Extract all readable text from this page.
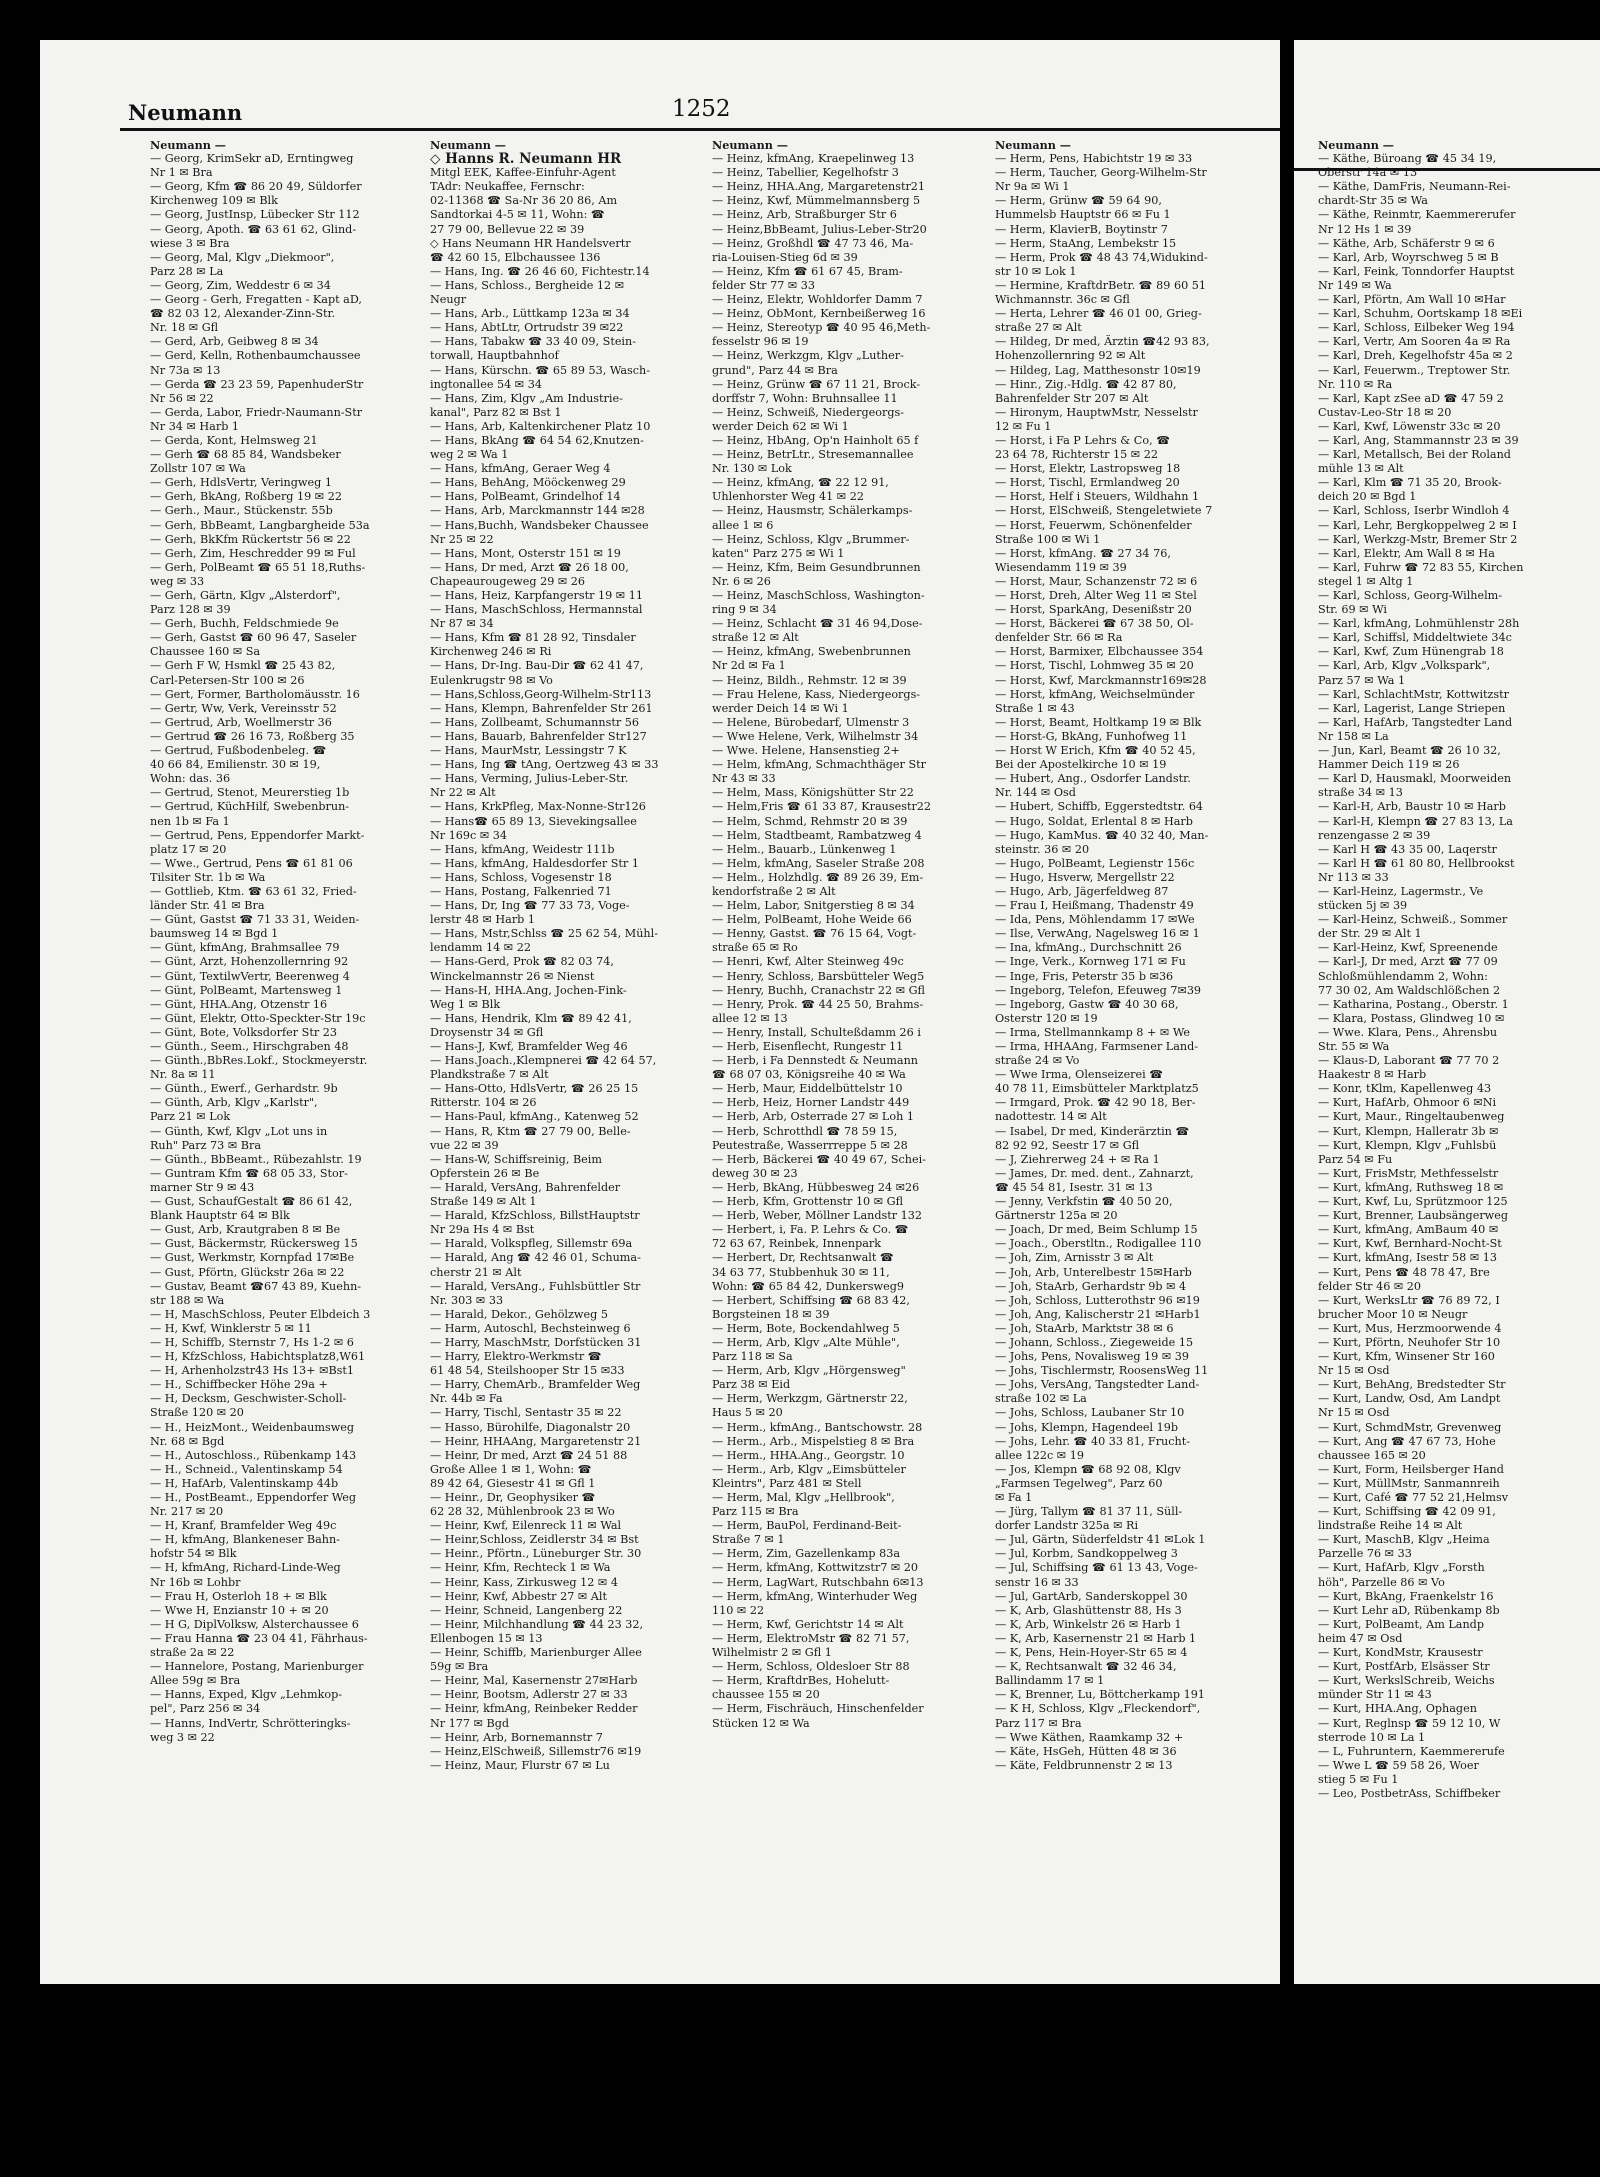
Neumann —
— Käthe, Büroang ☎ 45 34 19,
Oberstr 14a ✉ 13
— Käthe, DamFris, Neumann-Rei-
chardt-Str 35 ✉ Wa
— Käthe, Reinmtr, Kaemmererufer
Nr 12 Hs 1 ✉ 39
— Käthe, Arb, Schäferstr 9 ✉ 6
— Karl, Arb, Woyrschweg 5 ✉ B
— Karl, Feink, Tonndorfer Hauptst
Nr 149 ✉ Wa
— Karl, Pförtn, Am Wall 10 ✉Har
— Karl, Schuhm, Oortskamp 18 ✉Ei
— Karl, Schloss, Eilbeker Weg 194
— Karl, Vertr, Am Sooren 4a ✉ Ra
— Karl, Dreh, Kegelhofstr 45a ✉ 2
— Karl, Feuerwm., Treptower Str.
Nr. 110 ✉ Ra
— Karl, Kapt zSee aD ☎ 47 59 2
Custav-Leo-Str 18 ✉ 20
— Karl, Kwf, Löwenstr 33c ✉ 20
— Karl, Ang, Stammannstr 23 ✉ 39
— Karl, Metallsch, Bei der Roland
mühle 13 ✉ Alt
— Karl, Klm ☎ 71 35 20, Brook-
deich 20 ✉ Bgd 1
— Karl, Schloss, Iserbr Windloh 4
— Karl, Lehr, Bergkoppelweg 2 ✉ I
— Karl, Werkzg-Mstr, Bremer Str 2
— Karl, Elektr, Am Wall 8 ✉ Ha
— Karl, Fuhrw ☎ 72 83 55, Kirchen
stegel 1 ✉ Altg 1
— Karl, Schloss, Georg-Wilhelm-
Str. 69 ✉ Wi
— Karl, kfmAng, Lohmühlenstr 28h
— Karl, Schiffsl, Middeltwiete 34c
— Karl, Kwf, Zum Hünengrab 18
— Karl, Arb, Klgv „Volkspark",
Parz 57 ✉ Wa 1
— Karl, SchlachtMstr, Kottwitzstr
— Karl, Lagerist, Lange Striepen
— Karl, HafArb, Tangstedter Land
Nr 158 ✉ La
— Jun, Karl, Beamt ☎ 26 10 32,
Hammer Deich 119 ✉ 26
— Karl D, Hausmakl, Moorweiden
straße 34 ✉ 13
— Karl-H, Arb, Baustr 10 ✉ Harb
— Karl-H, Klempn ☎ 27 83 13, La
renzengasse 2 ✉ 39
— Karl H ☎ 43 35 00, Laqerstr
— Karl H ☎ 61 80 80, Hellbrookst
Nr 113 ✉ 33
— Karl-Heinz, Lagermstr., Ve
stücken 5j ✉ 39
— Karl-Heinz, Schweiß., Sommer
der Str. 29 ✉ Alt 1
— Karl-Heinz, Kwf, Spreenende
— Karl-J, Dr med, Arzt ☎ 77 09
Schloßmühlendamm 2, Wohn:
77 30 02, Am Waldschlößchen 2
— Katharina, Postang., Oberstr. 1
— Klara, Postass, Glindweg 10 ✉
— Wwe. Klara, Pens., Ahrensbu
Str. 55 ✉ Wa
— Klaus-D, Laborant ☎ 77 70 2
Haakestr 8 ✉ Harb
— Konr, tKlm, Kapellenweg 43
— Kurt, HafArb, Ohmoor 6 ✉Ni
— Kurt, Maur., Ringeltaubenweg
— Kurt, Klempn, Halleratr 3b ✉
— Kurt, Klempn, Klgv „Fuhlsbü
Parz 54 ✉ Fu
— Kurt, FrisMstr, Methfesselstr
— Kurt, kfmAng, Ruthsweg 18 ✉
— Kurt, Kwf, Lu, Sprützmoor 125
— Kurt, Brenner, Laubsängerweg
— Kurt, kfmAng, AmBaum 40 ✉
— Kurt, Kwf, Bernhard-Nocht-St
— Kurt, kfmAng, Isestr 58 ✉ 13
— Kurt, Pens ☎ 48 78 47, Bre
felder Str 46 ✉ 20
— Kurt, WerksLtr ☎ 76 89 72, I
brucher Moor 10 ✉ Neugr
— Kurt, Mus, Herzmoorwende 4
— Kurt, Pförtn, Neuhofer Str 10
— Kurt, Kfm, Winsener Str 160
Nr 15 ✉ Osd
— Kurt, BehAng, Bredstedter Str
— Kurt, Landw, Osd, Am Landpt
Nr 15 ✉ Osd
— Kurt, SchmdMstr, Grevenweg
— Kurt, Ang ☎ 47 67 73, Hohe
chaussee 165 ✉ 20
— Kurt, Form, Heilsberger Hand
— Kurt, MüllMstr, Sanmannreih
— Kurt, Café ☎ 77 52 21,Helmsv
— Kurt, Schiffsing ☎ 42 09 91,
lindstraße Reihe 14 ✉ Alt
— Kurt, MaschB, Klgv „Heima
Parzelle 76 ✉ 33
— Kurt, HafArb, Klgv „Forsth
höh", Parzelle 86 ✉ Vo
— Kurt, BkAng, Fraenkelstr 16
— Kurt Lehr aD, Rübenkamp 8b
— Kurt, PolBeamt, Am Landp
heim 47 ✉ Osd
— Kurt, KondMstr, Krausestr
— Kurt, PostfArb, Elsässer Str
— Kurt, WerkslSchreib, Weichs
münder Str 11 ✉ 43
— Kurt, HHA.Ang, Ophagen
— Kurt, Reglnsp ☎ 59 12 10, W
sterrode 10 ✉ La 1
— L, Fuhruntern, Kaemmererufe
— Wwe L ☎ 59 58 26, Woer
stieg 5 ✉ Fu 1
— Leo, PostbetrAss, Schiffbeker
Neumann	1252
Neumann —
— Georg, KrimSekr aD, Erntingweg
Nr 1 ✉ Bra
— Georg, Kfm ☎ 86 20 49, Süldorfer
Kirchenweg 109 ✉ Blk
— Georg, JustInsp, Lübecker Str 112
— Georg, Apoth. ☎ 63 61 62, Glind-
wiese 3 ✉ Bra
— Georg, Mal, Klgv „Diekmoor",
Parz 28 ✉ La
— Georg, Zim, Weddestr 6 ✉ 34
— Georg - Gerh, Fregatten - Kapt aD,
☎ 82 03 12, Alexander-Zinn-Str.
Nr. 18 ✉ Gfl
— Gerd, Arb, Geibweg 8 ✉ 34
— Gerd, Kelln, Rothenbaumchaussee
Nr 73a ✉ 13
— Gerda ☎ 23 23 59, PapenhuderStr
Nr 56 ✉ 22
— Gerda, Labor, Friedr-Naumann-Str
Nr 34 ✉ Harb 1
— Gerda, Kont, Helmsweg 21
— Gerh ☎ 68 85 84, Wandsbeker
Zollstr 107 ✉ Wa
— Gerh, HdlsVertr, Veringweg 1
— Gerh, BkAng, Roßberg 19 ✉ 22
— Gerh., Maur., Stückenstr. 55b
— Gerh, BbBeamt, Langbargheide 53a
— Gerh, BkKfm Rückertstr 56 ✉ 22
— Gerh, Zim, Heschredder 99 ✉ Ful
— Gerh, PolBeamt ☎ 65 51 18,Ruths-
weg ✉ 33
— Gerh, Gärtn, Klgv „Alsterdorf",
Parz 128 ✉ 39
— Gerh, Buchh, Feldschmiede 9e
— Gerh, Gastst ☎ 60 96 47, Saseler
Chaussee 160 ✉ Sa
— Gerh F W, Hsmkl ☎ 25 43 82,
Carl-Petersen-Str 100 ✉ 26
— Gert, Former, Bartholomäusstr. 16
— Gertr, Ww, Verk, Vereinsstr 52
— Gertrud, Arb, Woellmerstr 36
— Gertrud ☎ 26 16 73, Roßberg 35
— Gertrud, Fußbodenbeleg. ☎
40 66 84, Emilienstr. 30 ✉ 19,
Wohn: das. 36
— Gertrud, Stenot, Meurerstieg 1b
— Gertrud, KüchHilf, Swebenbrun-
nen 1b ✉ Fa 1
— Gertrud, Pens, Eppendorfer Markt-
platz 17 ✉ 20
— Wwe., Gertrud, Pens ☎ 61 81 06
Tilsiter Str. 1b ✉ Wa
— Gottlieb, Ktm. ☎ 63 61 32, Fried-
länder Str. 41 ✉ Bra
— Günt, Gastst ☎ 71 33 31, Weiden-
baumsweg 14 ✉ Bgd 1
— Günt, kfmAng, Brahmsallee 79
— Günt, Arzt, Hohenzollernring 92
— Günt, TextilwVertr, Beerenweg 4
— Günt, PolBeamt, Martensweg 1
— Günt, HHA.Ang, Otzenstr 16
— Günt, Elektr, Otto-Speckter-Str 19c
— Günt, Bote, Volksdorfer Str 23
— Günth., Seem., Hirschgraben 48
— Günth.,BbRes.Lokf., Stockmeyerstr.
Nr. 8a ✉ 11
— Günth., Ewerf., Gerhardstr. 9b
— Günth, Arb, Klgv „Karlstr",
Parz 21 ✉ Lok
— Günth, Kwf, Klgv „Lot uns in
Ruh" Parz 73 ✉ Bra
— Günth., BbBeamt., Rübezahlstr. 19
— Guntram Kfm ☎ 68 05 33, Stor-
marner Str 9 ✉ 43
— Gust, SchaufGestalt ☎ 86 61 42,
Blank Hauptstr 64 ✉ Blk
— Gust, Arb, Krautgraben 8 ✉ Be
— Gust, Bäckermstr, Rückersweg 15
— Gust, Werkmstr, Kornpfad 17✉Be
— Gust, Pförtn, Glückstr 26a ✉ 22
— Gustav, Beamt ☎67 43 89, Kuehn-
str 188 ✉ Wa
— H, MaschSchloss, Peuter Elbdeich 3
— H, Kwf, Winklerstr 5 ✉ 11
— H, Schiffb, Sternstr 7, Hs 1-2 ✉ 6
— H, KfzSchloss, Habichtsplatz8,W61
— H, Arhenholzstr43 Hs 13+ ✉Bst1
— H., Schiffbecker Höhe 29a +
— H, Decksm, Geschwister-Scholl-
Straße 120 ✉ 20
— H., HeizMont., Weidenbaumsweg
Nr. 68 ✉ Bgd
— H., Autoschloss., Rübenkamp 143
— H., Schneid., Valentinskamp 54
— H, HafArb, Valentinskamp 44b
— H., PostBeamt., Eppendorfer Weg
Nr. 217 ✉ 20
— H, Kranf, Bramfelder Weg 49c
— H, kfmAng, Blankeneser Bahn-
hofstr 54 ✉ Blk
— H, kfmAng, Richard-Linde-Weg
Nr 16b ✉ Lohbr
— Frau H, Osterloh 18 + ✉ Blk
— Wwe H, Enzianstr 10 + ✉ 20
— H G, DiplVolksw, Alsterchaussee 6
— Frau Hanna ☎ 23 04 41, Fährhaus-
straße 2a ✉ 22
— Hannelore, Postang, Marienburger
Allee 59g ✉ Bra
— Hanns, Exped, Klgv „Lehmkop-
pel", Parz 256 ✉ 34
— Hanns, IndVertr, Schrötteringks-
weg 3 ✉ 22
Neumann —
◇ Hanns R. Neumann HR
Mitgl EEK, Kaffee-Einfuhr-Agent
TAdr: Neukaffee, Fernschr:
02-11368 ☎ Sa-Nr 36 20 86, Am
Sandtorkai 4-5 ✉ 11, Wohn: ☎
27 79 00, Bellevue 22 ✉ 39
◇ Hans Neumann HR Handelsvertr
☎ 42 60 15, Elbchaussee 136
— Hans, Ing. ☎ 26 46 60, Fichtestr.14
— Hans, Schloss., Bergheide 12 ✉
Neugr
— Hans, Arb., Lüttkamp 123a ✉ 34
— Hans, AbtLtr, Ortrudstr 39 ✉22
— Hans, Tabakw ☎ 33 40 09, Stein-
torwall, Hauptbahnhof
— Hans, Kürschn. ☎ 65 89 53, Wasch-
ingtonallee 54 ✉ 34
— Hans, Zim, Klgv „Am Industrie-
kanal", Parz 82 ✉ Bst 1
— Hans, Arb, Kaltenkirchener Platz 10
— Hans, BkAng ☎ 64 54 62,Knutzen-
weg 2 ✉ Wa 1
— Hans, kfmAng, Geraer Weg 4
— Hans, BehAng, Mööckenweg 29
— Hans, PolBeamt, Grindelhof 14
— Hans, Arb, Marckmannstr 144 ✉28
— Hans,Buchh, Wandsbeker Chaussee
Nr 25 ✉ 22
— Hans, Mont, Osterstr 151 ✉ 19
— Hans, Dr med, Arzt ☎ 26 18 00,
Chapeaurougeweg 29 ✉ 26
— Hans, Heiz, Karpfangerstr 19 ✉ 11
— Hans, MaschSchloss, Hermannstal
Nr 87 ✉ 34
— Hans, Kfm ☎ 81 28 92, Tinsdaler
Kirchenweg 246 ✉ Ri
— Hans, Dr-Ing. Bau-Dir ☎ 62 41 47,
Eulenkrugstr 98 ✉ Vo
— Hans,Schloss,Georg-Wilhelm-Str113
— Hans, Klempn, Bahrenfelder Str 261
— Hans, Zollbeamt, Schumannstr 56
— Hans, Bauarb, Bahrenfelder Str127
— Hans, MaurMstr, Lessingstr 7 K
— Hans, Ing ☎ tAng, Oertzweg 43 ✉ 33
— Hans, Verming, Julius-Leber-Str.
Nr 22 ✉ Alt
— Hans, KrkPfleg, Max-Nonne-Str126
— Hans☎ 65 89 13, Sievekingsallee
Nr 169c ✉ 34
— Hans, kfmAng, Weidestr 111b
— Hans, kfmAng, Haldesdorfer Str 1
— Hans, Schloss, Vogesenstr 18
— Hans, Postang, Falkenried 71
— Hans, Dr, Ing ☎ 77 33 73, Voge-
lerstr 48 ✉ Harb 1
— Hans, Mstr,Schlss ☎ 25 62 54, Mühl-
lendamm 14 ✉ 22
— Hans-Gerd, Prok ☎ 82 03 74,
Winckelmannstr 26 ✉ Nienst
— Hans-H, HHA.Ang, Jochen-Fink-
Weg 1 ✉ Blk
— Hans, Hendrik, Klm ☎ 89 42 41,
Droysenstr 34 ✉ Gfl
— Hans-J, Kwf, Bramfelder Weg 46
— Hans.Joach.,Klempnerei ☎ 42 64 57,
Plandkstraße 7 ✉ Alt
— Hans-Otto, HdlsVertr, ☎ 26 25 15
Ritterstr. 104 ✉ 26
— Hans-Paul, kfmAng., Katenweg 52
— Hans, R, Ktm ☎ 27 79 00, Belle-
vue 22 ✉ 39
— Hans-W, Schiffsreinig, Beim
Opferstein 26 ✉ Be
— Harald, VersAng, Bahrenfelder
Straße 149 ✉ Alt 1
— Harald, KfzSchloss, BillstHauptstr
Nr 29a Hs 4 ✉ Bst
— Harald, Volkspfleg, Sillemstr 69a
— Harald, Ang ☎ 42 46 01, Schuma-
cherstr 21 ✉ Alt
— Harald, VersAng., Fuhlsbüttler Str
Nr. 303 ✉ 33
— Harald, Dekor., Gehölzweg 5
— Harm, Autoschl, Bechsteinweg 6
— Harry, MaschMstr, Dorfstücken 31
— Harry, Elektro-Werkmstr ☎
61 48 54, Steilshooper Str 15 ✉33
— Harry, ChemArb., Bramfelder Weg
Nr. 44b ✉ Fa
— Harry, Tischl, Sentastr 35 ✉ 22
— Hasso, Bürohilfe, Diagonalstr 20
— Heinr, HHAAng, Margaretenstr 21
— Heinr, Dr med, Arzt ☎ 24 51 88
Große Allee 1 ✉ 1, Wohn: ☎
89 42 64, Giesestr 41 ✉ Gfl 1
— Heinr., Dr, Geophysiker ☎
62 28 32, Mühlenbrook 23 ✉ Wo
— Heinr, Kwf, Eilenreck 11 ✉ Wal
— Heinr,Schloss, Zeidlerstr 34 ✉ Bst
— Heinr., Pförtn., Lüneburger Str. 30
— Heinr, Kfm, Rechteck 1 ✉ Wa
— Heinr, Kass, Zirkusweg 12 ✉ 4
— Heinr, Kwf, Abbestr 27 ✉ Alt
— Heinr, Schneid, Langenberg 22
— Heinr, Milchhandlung ☎ 44 23 32,
Ellenbogen 15 ✉ 13
— Heinr, Schiffb, Marienburger Allee
59g ✉ Bra
— Heinr, Mal, Kasernenstr 27✉Harb
— Heinr, Bootsm, Adlerstr 27 ✉ 33
— Heinr, kfmAng, Reinbeker Redder
Nr 177 ✉ Bgd
— Heinr, Arb, Bornemannstr 7
— Heinz,ElSchweiß, Sillemstr76 ✉19
— Heinz, Maur, Flurstr 67 ✉ Lu
Neumann —
— Heinz, kfmAng, Kraepelinweg 13
— Heinz, Tabellier, Kegelhofstr 3
— Heinz, HHA.Ang, Margaretenstr21
— Heinz, Kwf, Mümmelmannsberg 5
— Heinz, Arb, Straßburger Str 6
— Heinz,BbBeamt, Julius-Leber-Str20
— Heinz, Großhdl ☎ 47 73 46, Ma-
ria-Louisen-Stieg 6d ✉ 39
— Heinz, Kfm ☎ 61 67 45, Bram-
felder Str 77 ✉ 33
— Heinz, Elektr, Wohldorfer Damm 7
— Heinz, ObMont, Kernbeißerweg 16
— Heinz, Stereotyp ☎ 40 95 46,Meth-
fesselstr 96 ✉ 19
— Heinz, Werkzgm, Klgv „Luther-
grund", Parz 44 ✉ Bra
— Heinz, Grünw ☎ 67 11 21, Brock-
dorffstr 7, Wohn: Bruhnsallee 11
— Heinz, Schweiß, Niedergeorgs-
werder Deich 62 ✉ Wi 1
— Heinz, HbAng, Op'n Hainholt 65 f
— Heinz, BetrLtr., Stresemannallee
Nr. 130 ✉ Lok
— Heinz, kfmAng, ☎ 22 12 91,
Uhlenhorster Weg 41 ✉ 22
— Heinz, Hausmstr, Schälerkamps-
allee 1 ✉ 6
— Heinz, Schloss, Klgv „Brummer-
katen" Parz 275 ✉ Wi 1
— Heinz, Kfm, Beim Gesundbrunnen
Nr. 6 ✉ 26
— Heinz, MaschSchloss, Washington-
ring 9 ✉ 34
— Heinz, Schlacht ☎ 31 46 94,Dose-
straße 12 ✉ Alt
— Heinz, kfmAng, Swebenbrunnen
Nr 2d ✉ Fa 1
— Heinz, Bildh., Rehmstr. 12 ✉ 39
— Frau Helene, Kass, Niedergeorgs-
werder Deich 14 ✉ Wi 1
— Helene, Bürobedarf, Ulmenstr 3
— Wwe Helene, Verk, Wilhelmstr 34
— Wwe. Helene, Hansenstieg 2+
— Helm, kfmAng, Schmachthäger Str
Nr 43 ✉ 33
— Helm, Mass, Königshütter Str 22
— Helm,Fris ☎ 61 33 87, Krausestr22
— Helm, Schmd, Rehmstr 20 ✉ 39
— Helm, Stadtbeamt, Rambatzweg 4
— Helm., Bauarb., Lünkenweg 1
— Helm, kfmAng, Saseler Straße 208
— Helm., Holzhdlg. ☎ 89 26 39, Em-
kendorfstraße 2 ✉ Alt
— Helm, Labor, Snitgerstieg 8 ✉ 34
— Helm, PolBeamt, Hohe Weide 66
— Henny, Gastst. ☎ 76 15 64, Vogt-
straße 65 ✉ Ro
— Henri, Kwf, Alter Steinweg 49c
— Henry, Schloss, Barsbütteler Weg5
— Henry, Buchh, Cranachstr 22 ✉ Gfl
— Henry, Prok. ☎ 44 25 50, Brahms-
allee 12 ✉ 13
— Henry, Install, Schulteßdamm 26 i
— Herb, Eisenflecht, Rungestr 11
— Herb, i Fa Dennstedt & Neumann
☎ 68 07 03, Königsreihe 40 ✉ Wa
— Herb, Maur, Eiddelbüttelstr 10
— Herb, Heiz, Horner Landstr 449
— Herb, Arb, Osterrade 27 ✉ Loh 1
— Herb, Schrotthdl ☎ 78 59 15,
Peutestraße, Wasserrreppe 5 ✉ 28
— Herb, Bäckerei ☎ 40 49 67, Schei-
deweg 30 ✉ 23
— Herb, BkAng, Hübbesweg 24 ✉26
— Herb, Kfm, Grottenstr 10 ✉ Gfl
— Herb, Weber, Möllner Landstr 132
— Herbert, i, Fa. P. Lehrs & Co. ☎
72 63 67, Reinbek, Innenpark
— Herbert, Dr, Rechtsanwalt ☎
34 63 77, Stubbenhuk 30 ✉ 11,
Wohn: ☎ 65 84 42, Dunkersweg9
— Herbert, Schiffsing ☎ 68 83 42,
Borgsteinen 18 ✉ 39
— Herm, Bote, Bockendahlweg 5
— Herm, Arb, Klgv „Alte Mühle",
Parz 118 ✉ Sa
— Herm, Arb, Klgv „Hörgensweg"
Parz 38 ✉ Eid
— Herm, Werkzgm, Gärtnerstr 22,
Haus 5 ✉ 20
— Herm., kfmAng., Bantschowstr. 28
— Herm., Arb., Mispelstieg 8 ✉ Bra
— Herm., HHA.Ang., Georgstr. 10
— Herm., Arb, Klgv „Eimsbütteler
Kleintrs", Parz 481 ✉ Stell
— Herm, Mal, Klgv „Hellbrook",
Parz 115 ✉ Bra
— Herm, BauPol, Ferdinand-Beit-
Straße 7 ✉ 1
— Herm, Zim, Gazellenkamp 83a
— Herm, kfmAng, Kottwitzstr7 ✉ 20
— Herm, LagWart, Rutschbahn 6✉13
— Herm, kfmAng, Winterhuder Weg
110 ✉ 22
— Herm, Kwf, Gerichtstr 14 ✉ Alt
— Herm, ElektroMstr ☎ 82 71 57,
Wilhelmistr 2 ✉ Gfl 1
— Herm, Schloss, Oldesloer Str 88
— Herm, KraftdrBes, Hohelutt-
chaussee 155 ✉ 20
— Herm, Fischräuch, Hinschenfelder
Stücken 12 ✉ Wa
Neumann —
— Herm, Pens, Habichtstr 19 ✉ 33
— Herm, Taucher, Georg-Wilhelm-Str
Nr 9a ✉ Wi 1
— Herm, Grünw ☎ 59 64 90,
Hummelsb Hauptstr 66 ✉ Fu 1
— Herm, KlavierB, Boytinstr 7
— Herm, StaAng, Lembekstr 15
— Herm, Prok ☎ 48 43 74,Widukind-
str 10 ✉ Lok 1
— Hermine, KraftdrBetr. ☎ 89 60 51
Wichmannstr. 36c ✉ Gfl
— Herta, Lehrer ☎ 46 01 00, Grieg-
straße 27 ✉ Alt
— Hildeg, Dr med, Ärztin ☎42 93 83,
Hohenzollernring 92 ✉ Alt
— Hildeg, Lag, Matthesonstr 10✉19
— Hinr., Zig.-Hdlg. ☎ 42 87 80,
Bahrenfelder Str 207 ✉ Alt
— Hironym, HauptwMstr, Nesselstr
12 ✉ Fu 1
— Horst, i Fa P Lehrs & Co, ☎
23 64 78, Richterstr 15 ✉ 22
— Horst, Elektr, Lastropsweg 18
— Horst, Tischl, Ermlandweg 20
— Horst, Helf i Steuers, Wildhahn 1
— Horst, ElSchweiß, Stengeletwiete 7
— Horst, Feuerwm, Schönenfelder
Straße 100 ✉ Wi 1
— Horst, kfmAng. ☎ 27 34 76,
Wiesendamm 119 ✉ 39
— Horst, Maur, Schanzenstr 72 ✉ 6
— Horst, Dreh, Alter Weg 11 ✉ Stel
— Horst, SparkAng, Desenißstr 20
— Horst, Bäckerei ☎ 67 38 50, Ol-
denfelder Str. 66 ✉ Ra
— Horst, Barmixer, Elbchaussee 354
— Horst, Tischl, Lohmweg 35 ✉ 20
— Horst, Kwf, Marckmannstr169✉28
— Horst, kfmAng, Weichselmünder
Straße 1 ✉ 43
— Horst, Beamt, Holtkamp 19 ✉ Blk
— Horst-G, BkAng, Funhofweg 11
— Horst W Erich, Kfm ☎ 40 52 45,
Bei der Apostelkirche 10 ✉ 19
— Hubert, Ang., Osdorfer Landstr.
Nr. 144 ✉ Osd
— Hubert, Schiffb, Eggerstedtstr. 64
— Hugo, Soldat, Erlental 8 ✉ Harb
— Hugo, KamMus. ☎ 40 32 40, Man-
steinstr. 36 ✉ 20
— Hugo, PolBeamt, Legienstr 156c
— Hugo, Hsverw, Mergellstr 22
— Hugo, Arb, Jägerfeldweg 87
— Frau I, Heißmang, Thadenstr 49
— Ida, Pens, Möhlendamm 17 ✉We
— Ilse, VerwAng, Nagelsweg 16 ✉ 1
— Ina, kfmAng., Durchschnitt 26
— Inge, Verk., Kornweg 171 ✉ Fu
— Inge, Fris, Peterstr 35 b ✉36
— Ingeborg, Telefon, Efeuweg 7✉39
— Ingeborg, Gastw ☎ 40 30 68,
Osterstr 120 ✉ 19
— Irma, Stellmannkamp 8 + ✉ We
— Irma, HHAAng, Farmsener Land-
straße 24 ✉ Vo
— Wwe Irma, Olenseizerei ☎
40 78 11, Eimsbütteler Marktplatz5
— Irmgard, Prok. ☎ 42 90 18, Ber-
nadottestr. 14 ✉ Alt
— Isabel, Dr med, Kinderärztin ☎
82 92 92, Seestr 17 ✉ Gfl
— J, Ziehrerweg 24 + ✉ Ra 1
— James, Dr. med. dent., Zahnarzt,
☎ 45 54 81, Isestr. 31 ✉ 13
— Jenny, Verkfstin ☎ 40 50 20,
Gärtnerstr 125a ✉ 20
— Joach, Dr med, Beim Schlump 15
— Joach., Oberstltn., Rodigallee 110
— Joh, Zim, Arnisstr 3 ✉ Alt
— Joh, Arb, Unterelbestr 15✉Harb
— Joh, StaArb, Gerhardstr 9b ✉ 4
— Joh, Schloss, Lutterothstr 96 ✉19
— Joh, Ang, Kalischerstr 21 ✉Harb1
— Joh, StaArb, Marktstr 38 ✉ 6
— Johann, Schloss., Ziegeweide 15
— Johs, Pens, Novalisweg 19 ✉ 39
— Johs, Tischlermstr, RoosensWeg 11
— Johs, VersAng, Tangstedter Land-
straße 102 ✉ La
— Johs, Schloss, Laubaner Str 10
— Johs, Klempn, Hagendeel 19b
— Johs, Lehr. ☎ 40 33 81, Frucht-
allee 122c ✉ 19
— Jos, Klempn ☎ 68 92 08, Klgv
„Farmsen Tegelweg", Parz 60
✉ Fa 1
— Jürg, Tallym ☎ 81 37 11, Süll-
dorfer Landstr 325a ✉ Ri
— Jul, Gärtn, Süderfeldstr 41 ✉Lok 1
— Jul, Korbm, Sandkoppelweg 3
— Jul, Schiffsing ☎ 61 13 43, Voge-
senstr 16 ✉ 33
— Jul, GartArb, Sanderskoppel 30
— K, Arb, Glashüttenstr 88, Hs 3
— K, Arb, Winkelstr 26 ✉ Harb 1
— K, Arb, Kasernenstr 21 ✉ Harb 1
— K, Pens, Hein-Hoyer-Str 65 ✉ 4
— K, Rechtsanwalt ☎ 32 46 34,
Ballindamm 17 ✉ 1
— K, Brenner, Lu, Böttcherkamp 191
— K H, Schloss, Klgv „Fleckendorf",
Parz 117 ✉ Bra
— Wwe Käthen, Raamkamp 32 +
— Käte, HsGeh, Hütten 48 ✉ 36
— Käte, Feldbrunnenstr 2 ✉ 13
